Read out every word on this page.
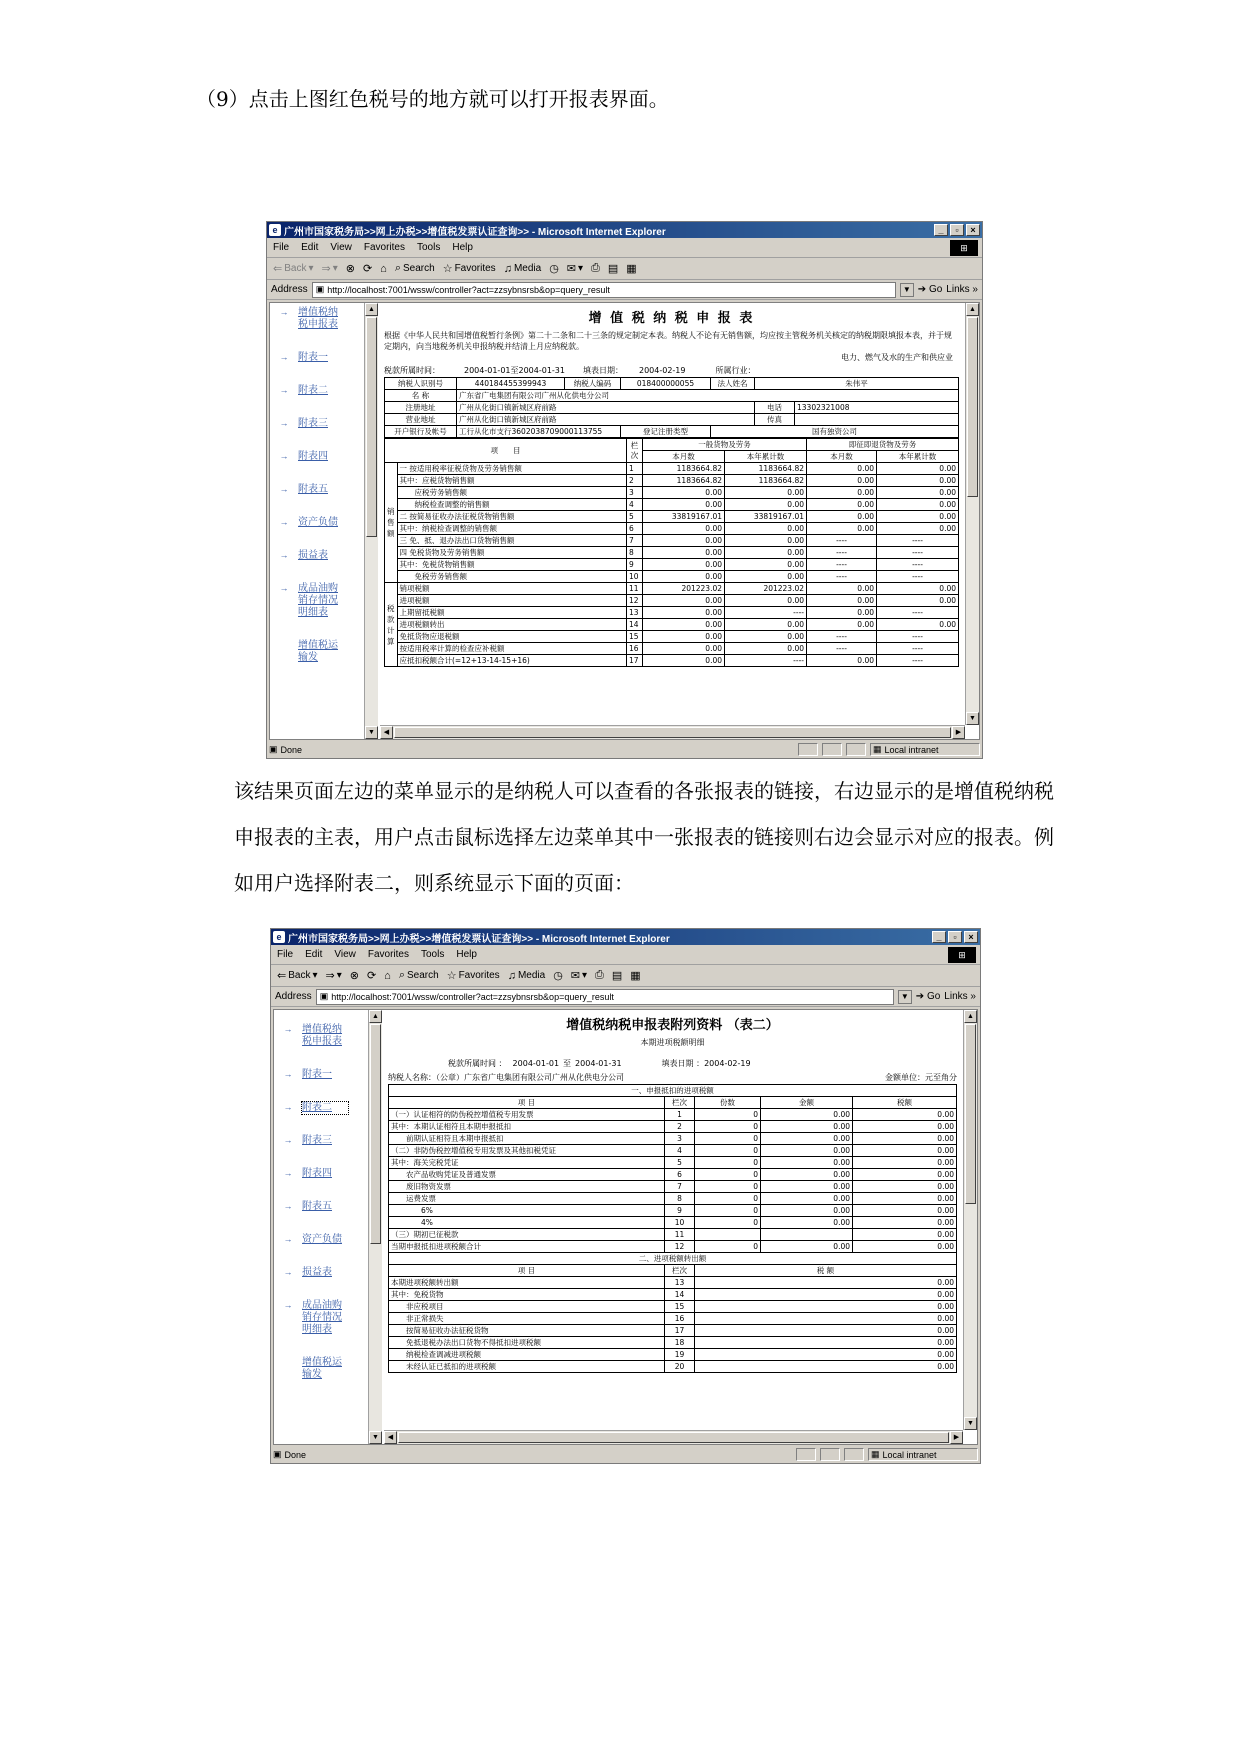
（9）点击上图红色税号的地方就可以打开报表界面。
e 广州市国家税务局>>网上办税>>增值税发票认证查询>> - Microsoft Internet Explorer	_	▫	×
File Edit View Favorites Tools Help	⊞
⇐ Back ▾ ⇒ ▾ ⊗ ⟳ ⌂ ⌕ Search ☆ Favorites ♫ Media ◷ ✉ ▾ ⎙ ▤ ▦
Address ▣ http://localhost:7001/wssw/controller?act=zzsybnsrsb&op=query_result	▼ ➔ Go Links »
→ 增值税纳税申报表
→ 附表一
→ 附表二
→ 附表三
→ 附表四
→ 附表五
→ 资产负债
→ 损益表
→ 成品油购销存情况明细表
增值税运输发
▲
▼
增 值 税 纳 税 申 报 表
根据《中华人民共和国增值税暂行条例》第二十二条和二十三条的规定制定本表。纳税人不论有无销售额，均应按主管税务机关核定的纳税期限填报本表，并于规定期内，向当地税务机关申报纳税并结清上月应纳税款。
电力、燃气及水的生产和供应业
税款所属时间：	2004-01-01至2004-01-31 填表日期： 2004-02-19	所属行业：
纳税人识别号	440184455399943	纳税人编码	018400000055	法人姓名	朱伟平	
名 称	广东省广电集团有限公司广州从化供电分公司					
注册地址	广州从化街口镇新城区府前路				电话	13302321008
营业地址	广州从化街口镇新城区府前路				传真	
开户银行及帐号	工行从化市支行3602038709000113755		登记注册类型	国有独资公司		
项　　目		栏次	一般货物及劳务		即征即退货物及劳务	
			本月数	本年累计数	本月数	本年累计数
销售额	一 按适用税率征税货物及劳务销售额	1	1183664.82	1183664.82	0.00	0.00
	其中：应税货物销售额	2	1183664.82	1183664.82	0.00	0.00
	　　应税劳务销售额	3	0.00	0.00	0.00	0.00
	　　纳税检查调整的销售额	4	0.00	0.00	0.00	0.00
	二 按简易征收办法征税货物销售额	5	33819167.01	33819167.01	0.00	0.00
	其中：纳税检查调整的销售额	6	0.00	0.00	0.00	0.00
	三 免、抵、退办法出口货物销售额	7	0.00	0.00	----	----
	四 免税货物及劳务销售额	8	0.00	0.00	----	----
	其中：免税货物销售额	9	0.00	0.00	----	----
	　　免税劳务销售额	10	0.00	0.00	----	----
税款计算	销项税额	11	201223.02	201223.02	0.00	0.00
	进项税额	12	0.00	0.00	0.00	0.00
	上期留抵税额	13	0.00	----	0.00	----
	进项税额转出	14	0.00	0.00	0.00	0.00
	免抵货物应退税额	15	0.00	0.00	----	----
	按适用税率计算的检查应补税额	16	0.00	0.00	----	----
	应抵扣税额合计(=12+13-14-15+16)	17	0.00	----	0.00	----
▲
▼
◀	▶
▣ Done	▦ Local intranet
该结果页面左边的菜单显示的是纳税人可以查看的各张报表的链接，右边显示的是增值税纳税申报表的主表，用户点击鼠标选择左边菜单其中一张报表的链接则右边会显示对应的报表。例如用户选择附表二，则系统显示下面的页面：
e 广州市国家税务局>>网上办税>>增值税发票认证查询>> - Microsoft Internet Explorer	_	▫	×
File Edit View Favorites Tools Help	⊞
⇐ Back ▾ ⇒ ▾ ⊗ ⟳ ⌂ ⌕ Search ☆ Favorites ♫ Media ◷ ✉ ▾ ⎙ ▤ ▦
Address ▣ http://localhost:7001/wssw/controller?act=zzsybnsrsb&op=query_result	▼ ➔ Go Links »
→ 增值税纳税申报表
→ 附表一
→ 附表二
→ 附表三
→ 附表四
→ 附表五
→ 资产负债
→ 损益表
→ 成品油购销存情况明细表
增值税运输发
▲
▼
增值税纳税申报表附列资料 （表二）
本期进项税额明细
税款所属时间 ： 2004-01-01 至 2004-01-31	填表日期 ： 2004-02-19
纳税人名称：（公章） 广东省广电集团有限公司广州从化供电分公司	金额单位：元至角分
一、申报抵扣的进项税额				
项 目	栏次	份数	金额	税额
（一）认证相符的防伪税控增值税专用发票	1	0	0.00	0.00
其中：本期认证相符且本期申报抵扣	2	0	0.00	0.00
　　前期认证相符且本期申报抵扣	3	0	0.00	0.00
（二）非防伪税控增值税专用发票及其他扣税凭证	4	0	0.00	0.00
其中：海关完税凭证	5	0	0.00	0.00
　　农产品收购凭证及普通发票	6	0	0.00	0.00
　　废旧物资发票	7	0	0.00	0.00
　　运费发票	8	0	0.00	0.00
　　　　6%	9	0	0.00	0.00
　　　　4%	10	0	0.00	0.00
（三）期初已征税款	11			0.00
当期申报抵扣进项税额合计	12	0	0.00	0.00
二、进项税额转出额				
项 目	栏次	税 额		
本期进项税额转出额	13	0.00		
其中：免税货物	14	0.00		
　　非应税项目	15	0.00		
　　非正常损失	16	0.00		
　　按简易征收办法征税货物	17	0.00		
　　免抵退税办法出口货物不得抵扣进项税额	18	0.00		
　　纳税检查调减进项税额	19	0.00		
　　未经认证已抵扣的进项税额	20	0.00		
▲
▼
◀	▶
▣ Done	▦ Local intranet
